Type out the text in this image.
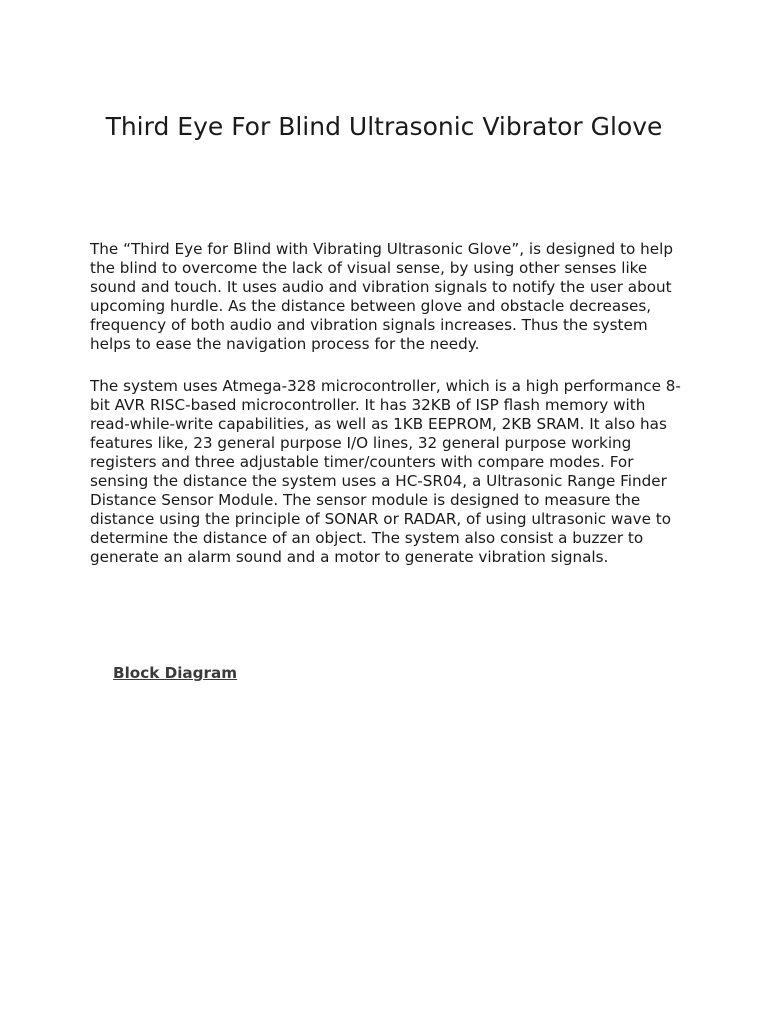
Third Eye For Blind Ultrasonic Vibrator Glove

The “Third Eye for Blind with Vibrating Ultrasonic Glove”, is designed to help the blind to overcome the lack of visual sense, by using other senses like sound and touch. It uses audio and vibration signals to notify the user about upcoming hurdle. As the distance between glove and obstacle decreases, frequency of both audio and vibration signals increases. Thus the system helps to ease the navigation process for the needy.

The system uses Atmega-328 microcontroller, which is a high performance 8-bit AVR RISC-based microcontroller. It has 32KB of ISP flash memory with read-while-write capabilities, as well as 1KB EEPROM, 2KB SRAM. It also has features like, 23 general purpose I/O lines, 32 general purpose working registers and three adjustable timer/counters with compare modes. For sensing the distance the system uses a HC-SR04, a Ultrasonic Range Finder Distance Sensor Module. The sensor module is designed to measure the distance using the principle of SONAR or RADAR, of using ultrasonic wave to determine the distance of an object. The system also consist a buzzer to generate an alarm sound and a motor to generate vibration signals.

Block Diagram
